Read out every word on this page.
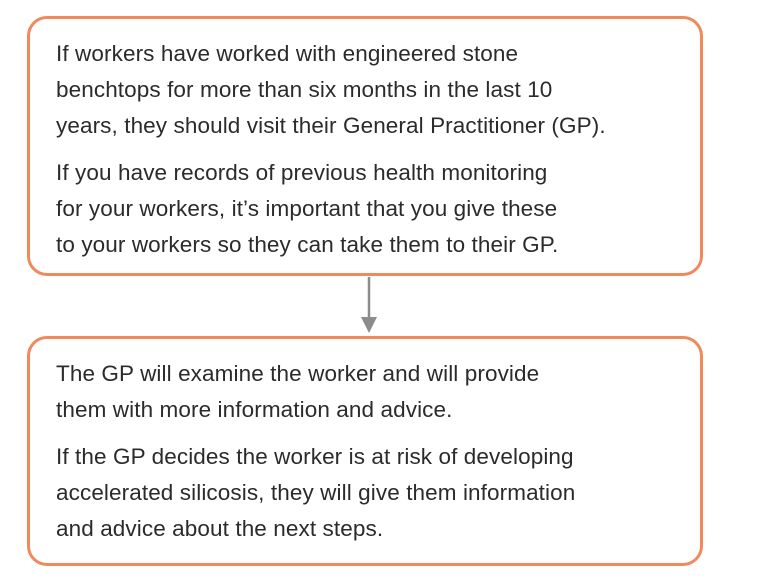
If workers have worked with engineered stone
benchtops for more than six months in the last 10
years, they should visit their General Practitioner (GP).

If you have records of previous health monitoring
for your workers, it’s important that you give these
to your workers so they can take them to their GP.

The GP will examine the worker and will provide
them with more information and advice.

If the GP decides the worker is at risk of developing
accelerated silicosis, they will give them information
and advice about the next steps.
